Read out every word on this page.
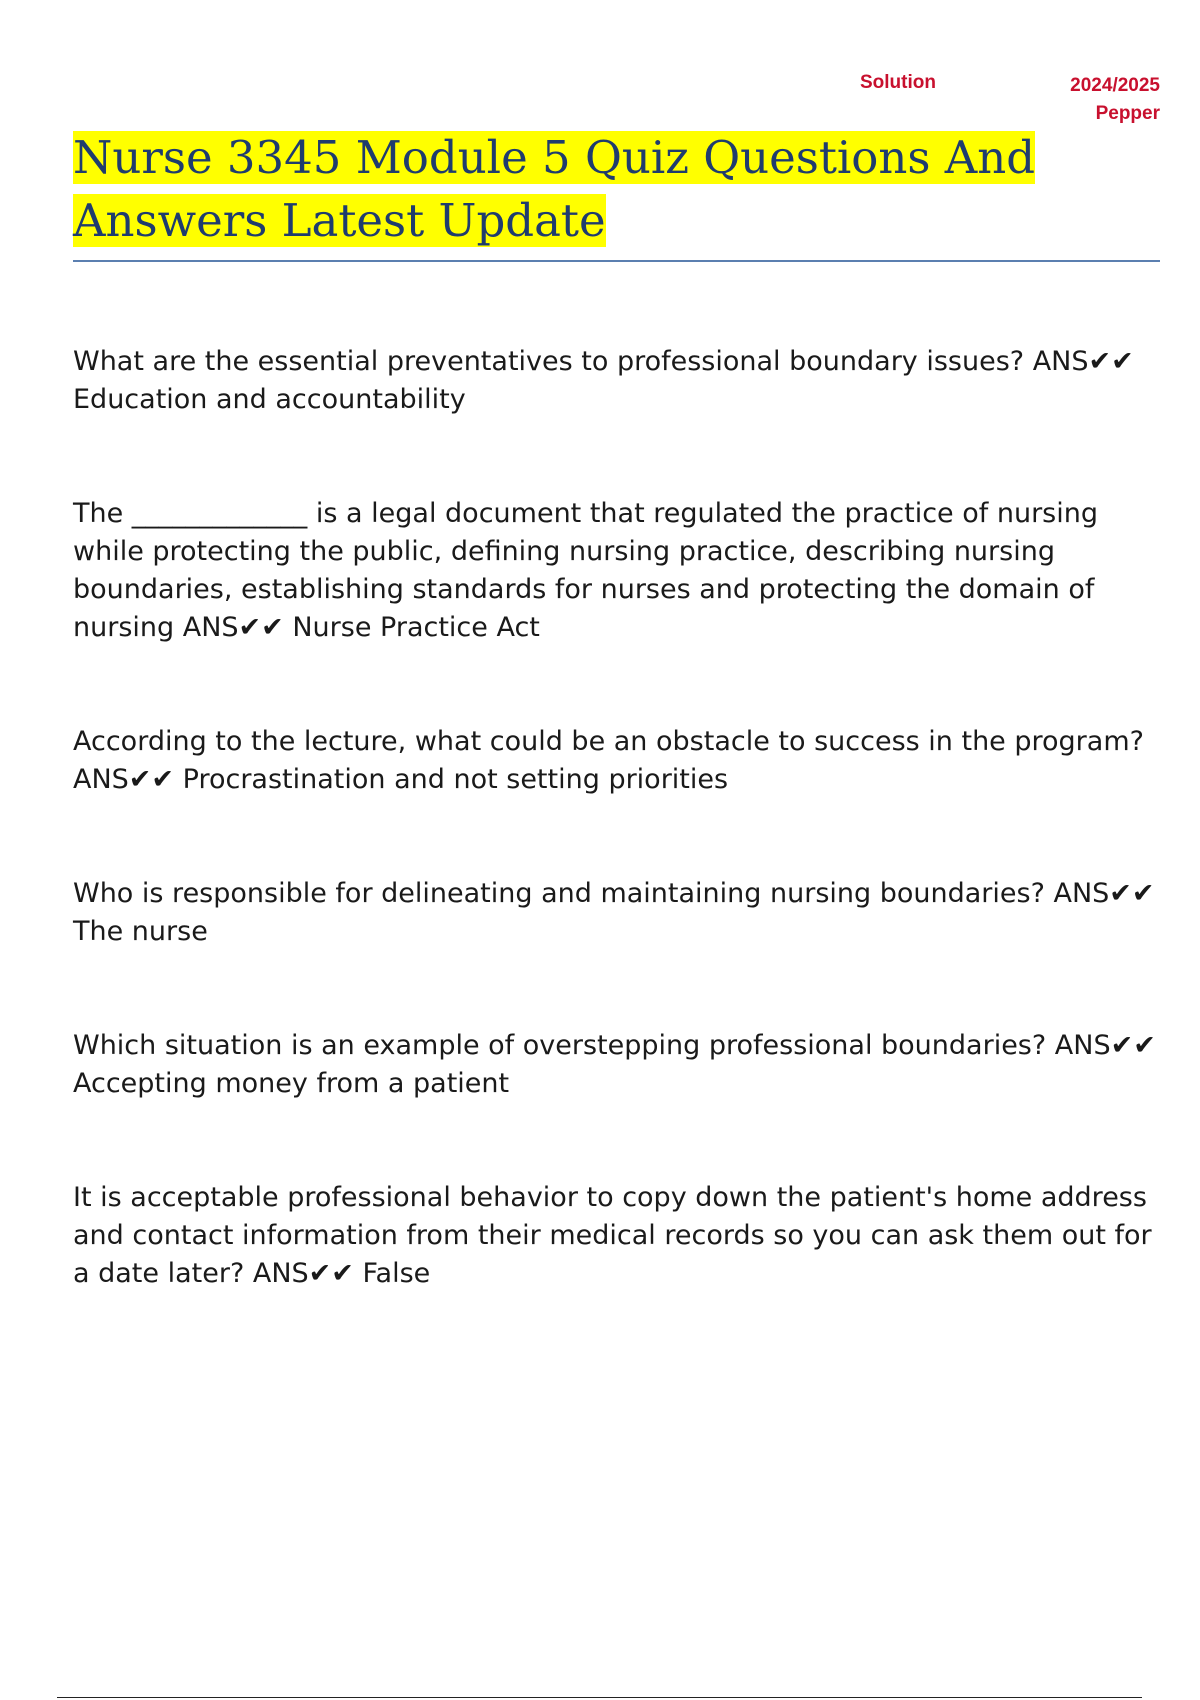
Solution	2024/2025
Pepper
Nurse 3345 Module 5 Quiz Questions And Answers Latest Update

What are the essential preventatives to professional boundary issues? ANS✔✔ Education and accountability

The _____________ is a legal document that regulated the practice of nursing while protecting the public, defining nursing practice, describing nursing boundaries, establishing standards for nurses and protecting the domain of nursing ANS✔✔ Nurse Practice Act

According to the lecture, what could be an obstacle to success in the program? ANS✔✔ Procrastination and not setting priorities

Who is responsible for delineating and maintaining nursing boundaries? ANS✔✔ The nurse

Which situation is an example of overstepping professional boundaries? ANS✔✔ Accepting money from a patient

It is acceptable professional behavior to copy down the patient's home address and contact information from their medical records so you can ask them out for a date later? ANS✔✔ False
